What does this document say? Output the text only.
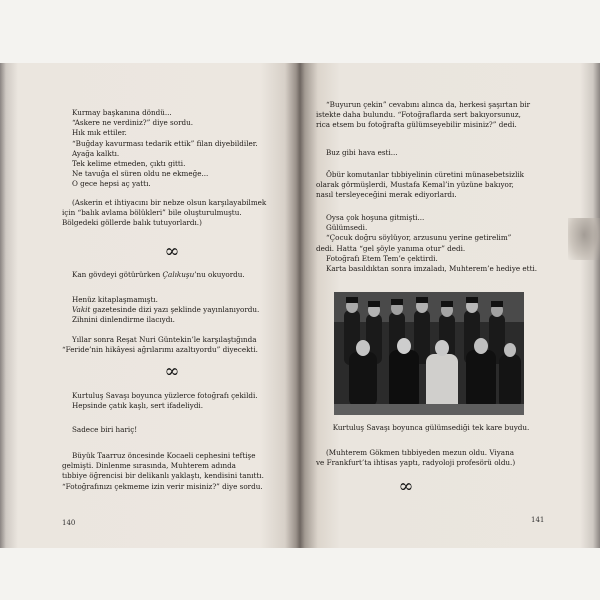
Kurmay başkanına döndü...
“Askere ne verdiniz?” diye sordu.
Hık mık ettiler.
“Buğday kavurması tedarik ettik” filan diyebildiler.
Ayağa kalktı.
Tek kelime etmeden, çıktı gitti.
Ne tavuğa el süren oldu ne ekmeğe...
O gece hepsi aç yattı.
(Askerin et ihtiyacını bir nebze olsun karşılayabilmek
için “balık avlama bölükleri” bile oluşturulmuştu.
Bölgedeki göllerde balık tutuyorlardı.)
∞
Kan gövdeyi götürürken Çalıkuşu’nu okuyordu.
Henüz kitaplaşmamıştı.
Vakit gazetesinde dizi yazı şeklinde yayınlanıyordu.
Zihnini dinlendirme ilacıydı.
Yıllar sonra Reşat Nuri Güntekin’le karşılaştığında
“Feride’nin hikâyesi ağrılarımı azaltıyordu” diyecekti.
∞
Kurtuluş Savaşı boyunca yüzlerce fotoğrafı çekildi.
Hepsinde çatık kaşlı, sert ifadeliydi.
Sadece biri hariç!
Büyük Taarruz öncesinde Kocaeli cephesini teftişe
gelmişti. Dinlenme sırasında, Muhterem adında
tıbbiye öğrencisi bir delikanlı yaklaştı, kendisini tanıttı.
“Fotoğrafınızı çekmeme izin verir misiniz?” diye sordu.
140
“Buyurun çekin” cevabını alınca da, herkesi şaşırtan bir
istekte daha bulundu. “Fotoğraflarda sert bakıyorsunuz,
rica etsem bu fotoğrafta gülümseyebilir misiniz?” dedi.
Buz gibi hava esti...
Öbür komutanlar tıbbiyelinin cüretini münasebetsizlik
olarak görmüşlerdi, Mustafa Kemal’in yüzüne bakıyor,
nasıl tersleyeceğini merak ediyorlardı.
Oysa çok hoşuna gitmişti...
Gülümsedi.
“Çocuk doğru söylüyor, arzusunu yerine getirelim”
dedi. Hatta “gel şöyle yanıma otur” dedi.
Fotoğrafı Etem Tem’e çektirdi.
Karta basıldıktan sonra imzaladı, Muhterem’e hediye etti.
Kurtuluş Savaşı boyunca gülümsediği tek kare buydu.
(Muhterem Gökmen tıbbiyeden mezun oldu. Viyana
ve Frankfurt’ta ihtisas yaptı, radyoloji profesörü oldu.)
∞
141
